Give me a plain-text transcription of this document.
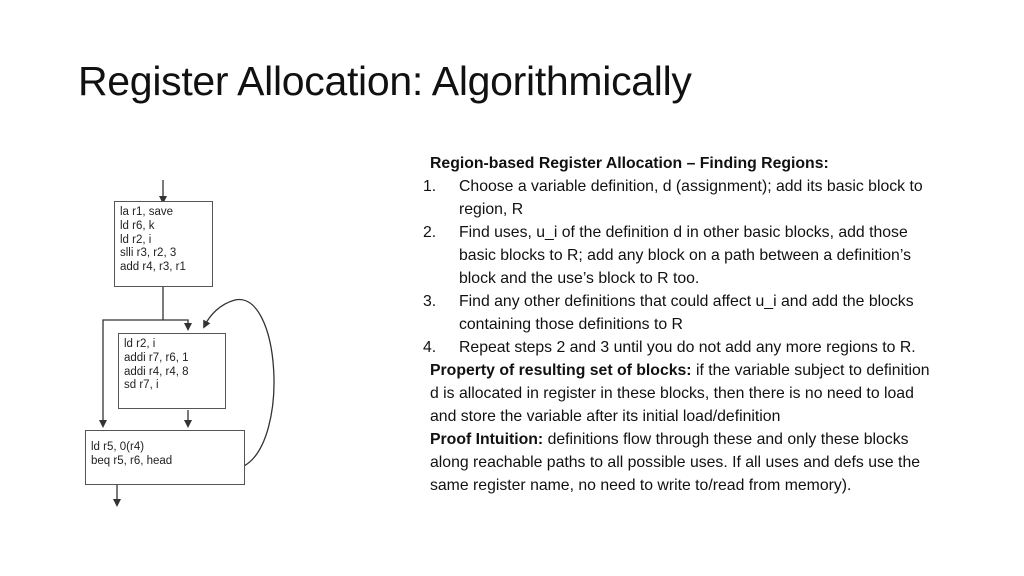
Register Allocation: Algorithmically
la r1, save
ld r6, k
ld r2, i
slli r3, r2, 3
add r4, r3, r1
ld r2, i
addi r7, r6, 1
addi r4, r4, 8
sd r7, i
ld r5, 0(r4)
beq r5, r6, head
Region-based Register Allocation – Finding Regions:
1. Choose a variable definition, d (assignment); add its basic block to region, R
2. Find uses, u_i of the definition d in other basic blocks, add those basic blocks to R; add any block on a path between a definition’s block and the use’s block to R too.
3. Find any other definitions that could affect u_i and add the blocks containing those definitions to R
4. Repeat steps 2 and 3 until you do not add any more regions to R.

Property of resulting set of blocks: if the variable subject to definition d is allocated in register in these blocks, then there is no need to load and store the variable after its initial load/definition

Proof Intuition: definitions flow through these and only these blocks along reachable paths to all possible uses. If all uses and defs use the same register name, no need to write to/read from memory).
